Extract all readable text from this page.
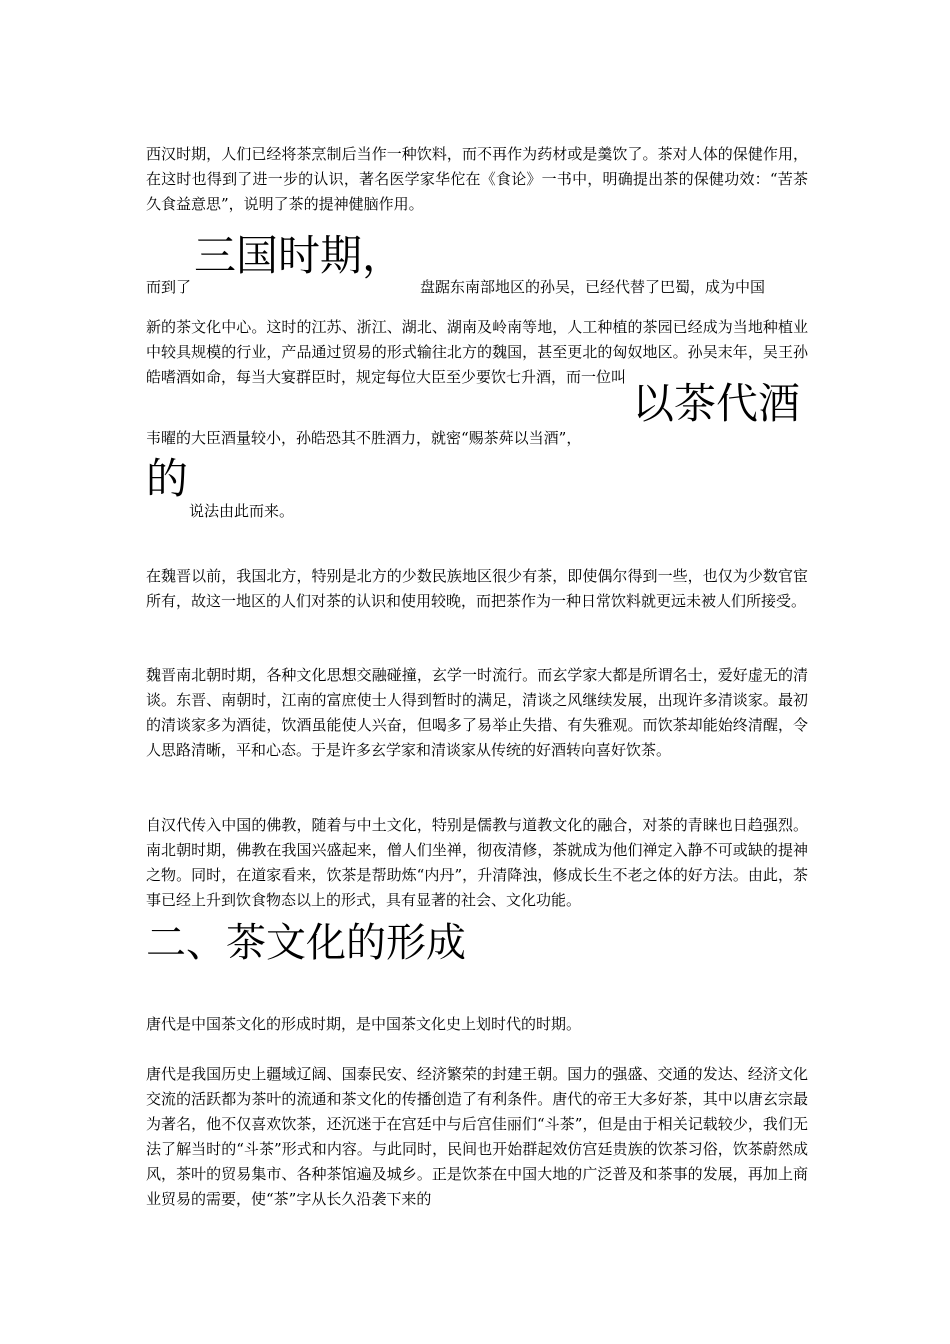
西汉时期，人们已经将茶烹制后当作一种饮料，而不再作为药材或是羹饮了。茶对人体的保健作用，在这时也得到了进一步的认识，著名医学家华佗在《食论》一书中，明确提出茶的保健功效：“苦茶久食益意思”，说明了茶的提神健脑作用。
三国时期，
而到了	盘踞东南部地区的孙吴，已经代替了巴蜀，成为中国
新的茶文化中心。这时的江苏、浙江、湖北、湖南及岭南等地，人工种植的茶园已经成为当地种植业中较具规模的行业，产品通过贸易的形式输往北方的魏国，甚至更北的匈奴地区。孙吴末年，吴王孙皓嗜酒如命，每当大宴群臣时，规定每位大臣至少要饮七升酒，而一位叫
以茶代酒
韦曜的大臣酒量较小，孙皓恐其不胜酒力，就密“赐茶荈以当酒”，
的
说法由此而来。
在魏晋以前，我国北方，特别是北方的少数民族地区很少有茶，即使偶尔得到一些，也仅为少数官宦所有，故这一地区的人们对茶的认识和使用较晚，而把茶作为一种日常饮料就更远未被人们所接受。
魏晋南北朝时期，各种文化思想交融碰撞，玄学一时流行。而玄学家大都是所谓名士，爱好虚无的清谈。东晋、南朝时，江南的富庶使士人得到暂时的满足，清谈之风继续发展，出现许多清谈家。最初的清谈家多为酒徒，饮酒虽能使人兴奋，但喝多了易举止失措、有失雅观。而饮茶却能始终清醒，令人思路清晰，平和心态。于是许多玄学家和清谈家从传统的好酒转向喜好饮茶。
自汉代传入中国的佛教，随着与中土文化，特别是儒教与道教文化的融合，对茶的青睐也日趋强烈。南北朝时期，佛教在我国兴盛起来，僧人们坐禅，彻夜清修，茶就成为他们禅定入静不可或缺的提神之物。同时，在道家看来，饮茶是帮助炼“内丹”，升清降浊，修成长生不老之体的好方法。由此，茶事已经上升到饮食物态以上的形式，具有显著的社会、文化功能。
二、茶文化的形成
唐代是中国茶文化的形成时期，是中国茶文化史上划时代的时期。
唐代是我国历史上疆域辽阔、国泰民安、经济繁荣的封建王朝。国力的强盛、交通的发达、经济文化交流的活跃都为茶叶的流通和茶文化的传播创造了有利条件。唐代的帝王大多好茶，其中以唐玄宗最为著名，他不仅喜欢饮茶，还沉迷于在宫廷中与后宫佳丽们“斗茶”，但是由于相关记载较少，我们无法了解当时的“斗茶”形式和内容。与此同时，民间也开始群起效仿宫廷贵族的饮茶习俗，饮茶蔚然成风，茶叶的贸易集市、各种茶馆遍及城乡。正是饮茶在中国大地的广泛普及和茶事的发展，再加上商业贸易的需要，使“茶”字从长久沿袭下来的
